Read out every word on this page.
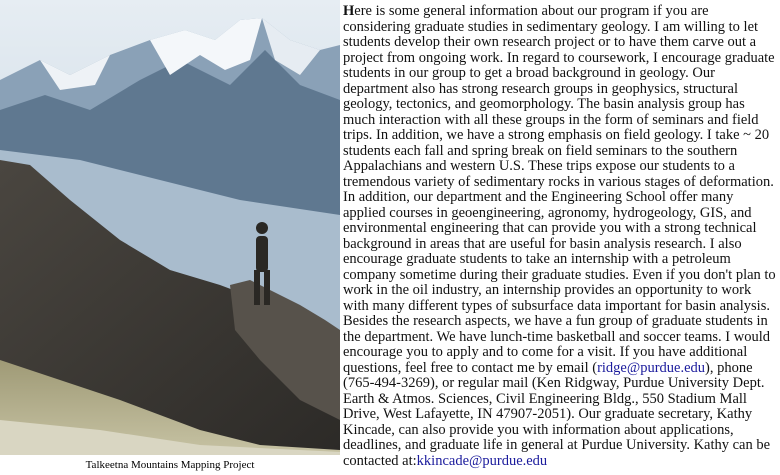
Talkeetna Mountains Mapping Project

Here is some general information about our program if you are considering graduate studies in sedimentary geology. I am willing to let students develop their own research project or to have them carve out a project from ongoing work. In regard to coursework, I encourage graduate students in our group to get a broad background in geology. Our department also has strong research groups in geophysics, structural geology, tectonics, and geomorphology. The basin analysis group has much interaction with all these groups in the form of seminars and field trips. In addition, we have a strong emphasis on field geology. I take ~ 20 students each fall and spring break on field seminars to the southern Appalachians and western U.S. These trips expose our students to a tremendous variety of sedimentary rocks in various stages of deformation. In addition, our department and the Engineering School offer many applied courses in geoengineering, agronomy, hydrogeology, GIS, and environmental engineering that can provide you with a strong technical background in areas that are useful for basin analysis research. I also encourage graduate students to take an internship with a petroleum company sometime during their graduate studies. Even if you don't plan to work in the oil industry, an internship provides an opportunity to work with many different types of subsurface data important for basin analysis. Besides the research aspects, we have a fun group of graduate students in the department. We have lunch-time basketball and soccer teams. I would encourage you to apply and to come for a visit. If you have additional questions, feel free to contact me by email (ridge@purdue.edu), phone (765-494-3269), or regular mail (Ken Ridgway, Purdue University Dept. Earth & Atmos. Sciences, Civil Engineering Bldg., 550 Stadium Mall Drive, West Lafayette, IN 47907-2051). Our graduate secretary, Kathy Kincade, can also provide you with information about applications, deadlines, and graduate life in general at Purdue University. Kathy can be contacted at:kkincade@purdue.edu
